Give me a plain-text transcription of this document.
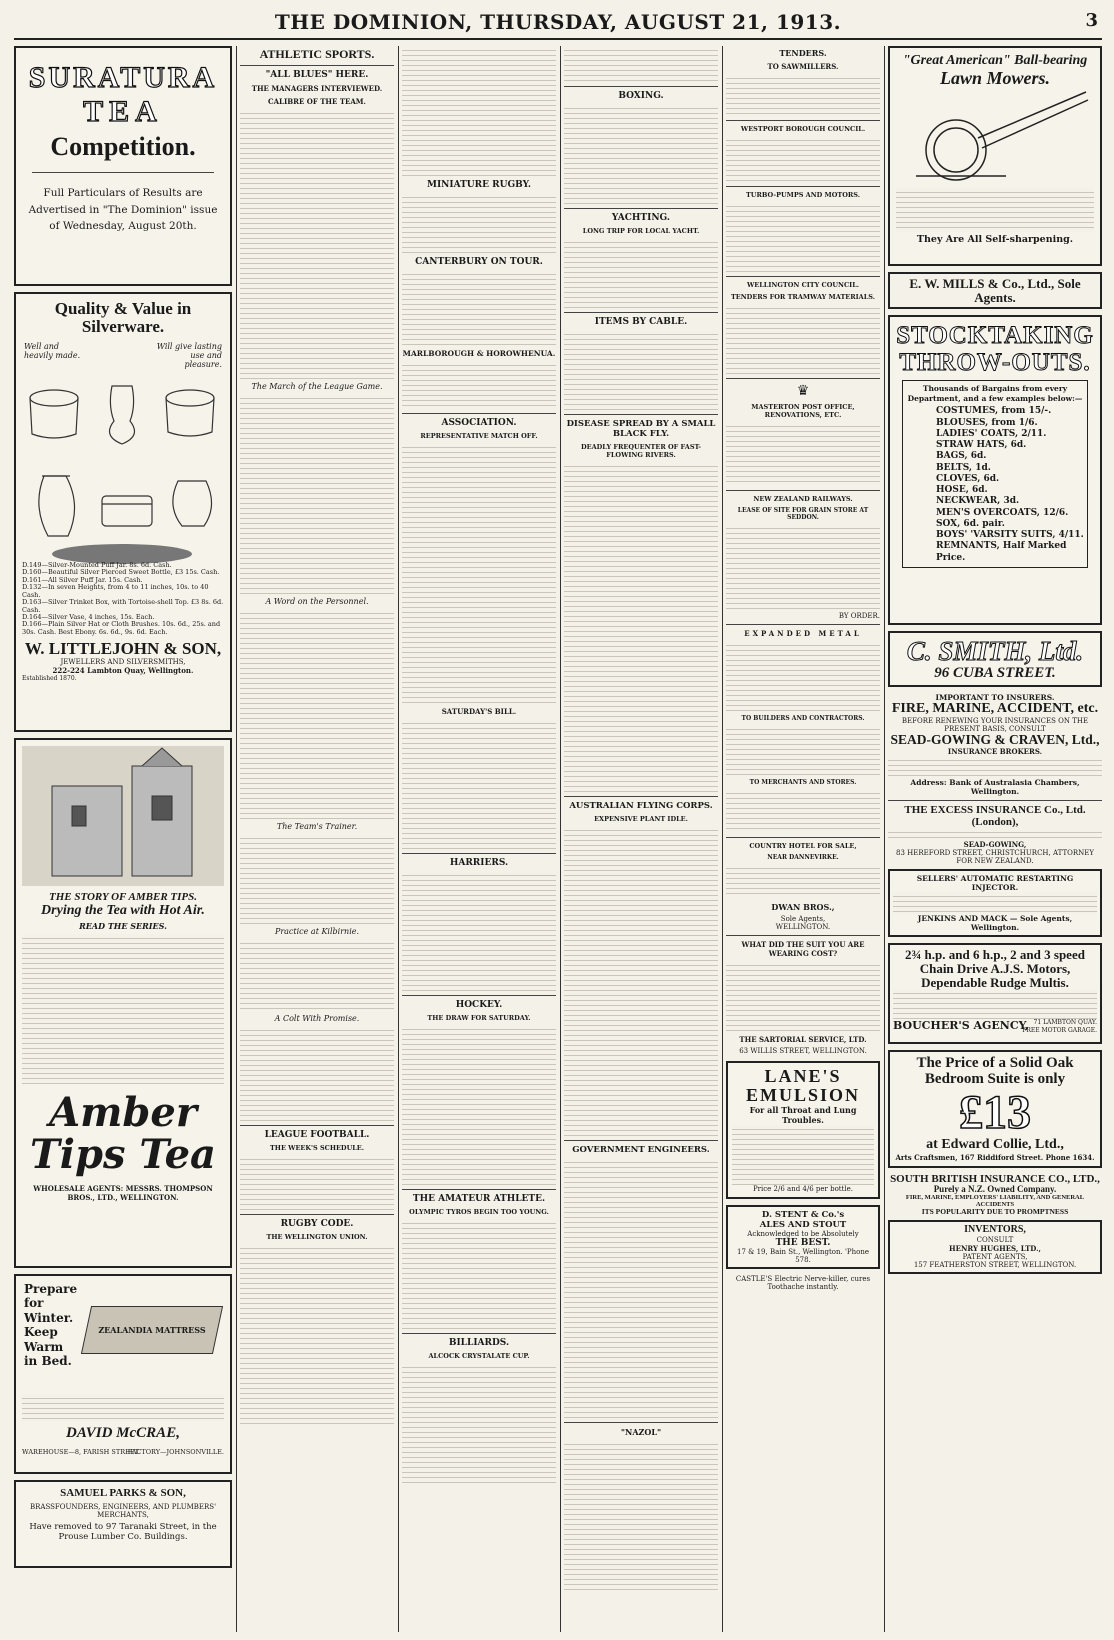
THE DOMINION, THURSDAY, AUGUST 21, 1913.	3
SURATURA
TEA
Competition.
Full Particulars of Results are Advertised in "The Dominion" issue of Wednesday, August 20th.
Quality & Value in Silverware.
Well and heavily made.
Will give lasting use and pleasure.
D.149—Silver-Mounted Puff Jar. 8s. 6d. Cash.
D.160—Beautiful Silver Pierced Sweet Bottle, £3 15s. Cash.
D.161—All Silver Puff Jar. 15s. Cash.
D.132—In seven Heights, from 4 to 11 inches, 10s. to 40 Cash.
D.163—Silver Trinket Box, with Tortoise-shell Top. £3 8s. 6d. Cash.
D.164—Silver Vase, 4 inches, 15s. Each.
D.166—Plain Silver Hat or Cloth Brushes. 10s. 6d., 25s. and 30s. Cash. Best Ebony. 6s. 6d., 9s. 6d. Each.
W. LITTLEJOHN & SON,
JEWELLERS AND SILVERSMITHS,
222-224 Lambton Quay, Wellington.
Established 1870.
THE STORY OF AMBER TIPS.
Drying the Tea with Hot Air.
READ THE SERIES.
Amber Tips Tea
WHOLESALE AGENTS: MESSRS. THOMPSON BROS., LTD., WELLINGTON.
Prepare
for
Winter.
Keep
Warm
in Bed.
ZEALANDIA MATTRESS
DAVID McCRAE,
WAREHOUSE—8, FARISH STREET.
FACTORY—JOHNSONVILLE.
SAMUEL PARKS & SON,
BRASSFOUNDERS, ENGINEERS, AND PLUMBERS' MERCHANTS,
Have removed to 97 Taranaki Street, in the Prouse Lumber Co. Buildings.
ATHLETIC SPORTS.
"ALL BLUES" HERE.
THE MANAGERS INTERVIEWED.
CALIBRE OF THE TEAM.
The March of the League Game.
A Word on the Personnel.
The Team's Trainer.
Practice at Kilbirnie.
A Colt With Promise.
LEAGUE FOOTBALL.
THE WEEK'S SCHEDULE.
RUGBY CODE.
THE WELLINGTON UNION.
MINIATURE RUGBY.
CANTERBURY ON TOUR.
MARLBOROUGH & HOROWHENUA.
ASSOCIATION.
REPRESENTATIVE MATCH OFF.
SATURDAY'S BILL.
HARRIERS.
HOCKEY.
THE DRAW FOR SATURDAY.
THE AMATEUR ATHLETE.
OLYMPIC TYROS BEGIN TOO YOUNG.
BILLIARDS.
ALCOCK CRYSTALATE CUP.
BOXING.
YACHTING.
LONG TRIP FOR LOCAL YACHT.
ITEMS BY CABLE.
DISEASE SPREAD BY A SMALL BLACK FLY.
DEADLY FREQUENTER OF FAST-FLOWING RIVERS.
AUSTRALIAN FLYING CORPS.
EXPENSIVE PLANT IDLE.
GOVERNMENT ENGINEERS.
"NAZOL"
TENDERS.
TO SAWMILLERS.
WESTPORT BOROUGH COUNCIL.
TURBO-PUMPS AND MOTORS.
WELLINGTON CITY COUNCIL.
TENDERS FOR TRAMWAY MATERIALS.
♛
MASTERTON POST OFFICE, RENOVATIONS, ETC.
NEW ZEALAND RAILWAYS.
LEASE OF SITE FOR GRAIN STORE AT SEDDON.
BY ORDER.
EXPANDED METAL
TO BUILDERS AND CONTRACTORS.
TO MERCHANTS AND STORES.
COUNTRY HOTEL FOR SALE,
NEAR DANNEVIRKE.
DWAN BROS.,
Sole Agents,
WELLINGTON.
WHAT DID THE SUIT YOU ARE WEARING COST?
THE SARTORIAL SERVICE, LTD.
63 WILLIS STREET, WELLINGTON.
LANE'S
EMULSION
For all Throat and Lung Troubles.
Price 2/6 and 4/6 per bottle.
D. STENT & Co.'s
ALES AND STOUT
Acknowledged to be Absolutely
THE BEST.
17 & 19, Bain St., Wellington. 'Phone 578.
CASTLE'S Electric Nerve-killer, cures Toothache instantly.
"Great American" Ball-bearing
Lawn Mowers.
They Are All Self-sharpening.
E. W. MILLS & Co., Ltd., Sole Agents.
STOCKTAKING
THROW-OUTS.
Thousands of Bargains from every Department, and a few examples below:—
COSTUMES, from 15/-.
BLOUSES, from 1/6.
LADIES' COATS, 2/11.
STRAW HATS, 6d.
BAGS, 6d.
BELTS, 1d.
CLOVES, 6d.
HOSE, 6d.
NECKWEAR, 3d.
MEN'S OVERCOATS, 12/6.
SOX, 6d. pair.
BOYS' 'VARSITY SUITS, 4/11.
REMNANTS, Half Marked Price.
C. SMITH, Ltd.
96 CUBA STREET.
IMPORTANT TO INSURERS.
FIRE, MARINE, ACCIDENT, etc.
BEFORE RENEWING YOUR INSURANCES ON THE PRESENT BASIS, CONSULT
SEAD-GOWING & CRAVEN, Ltd.,
INSURANCE BROKERS.
Address: Bank of Australasia Chambers, Wellington.
THE EXCESS INSURANCE Co., Ltd. (London),
SEAD-GOWING,
83 HEREFORD STREET, CHRISTCHURCH, ATTORNEY FOR NEW ZEALAND.
SELLERS' AUTOMATIC RESTARTING INJECTOR.
JENKINS AND MACK — Sole Agents, Wellington.
2¾ h.p. and 6 h.p., 2 and 3 speed
Chain Drive A.J.S. Motors, Dependable Rudge Multis.
BOUCHER'S AGENCY, 71 LAMBTON QUAY.
FREE MOTOR GARAGE.
The Price of a Solid Oak
Bedroom Suite is only
£13
at Edward Collie, Ltd.,
Arts Craftsmen, 167 Riddiford Street. Phone 1634.
SOUTH BRITISH INSURANCE CO., LTD.,
Purely a N.Z. Owned Company.
FIRE, MARINE, EMPLOYERS' LIABILITY, AND GENERAL ACCIDENTS
ITS POPULARITY DUE TO PROMPTNESS
INVENTORS,
CONSULT
HENRY HUGHES, LTD.,
PATENT AGENTS,
157 FEATHERSTON STREET, WELLINGTON.
